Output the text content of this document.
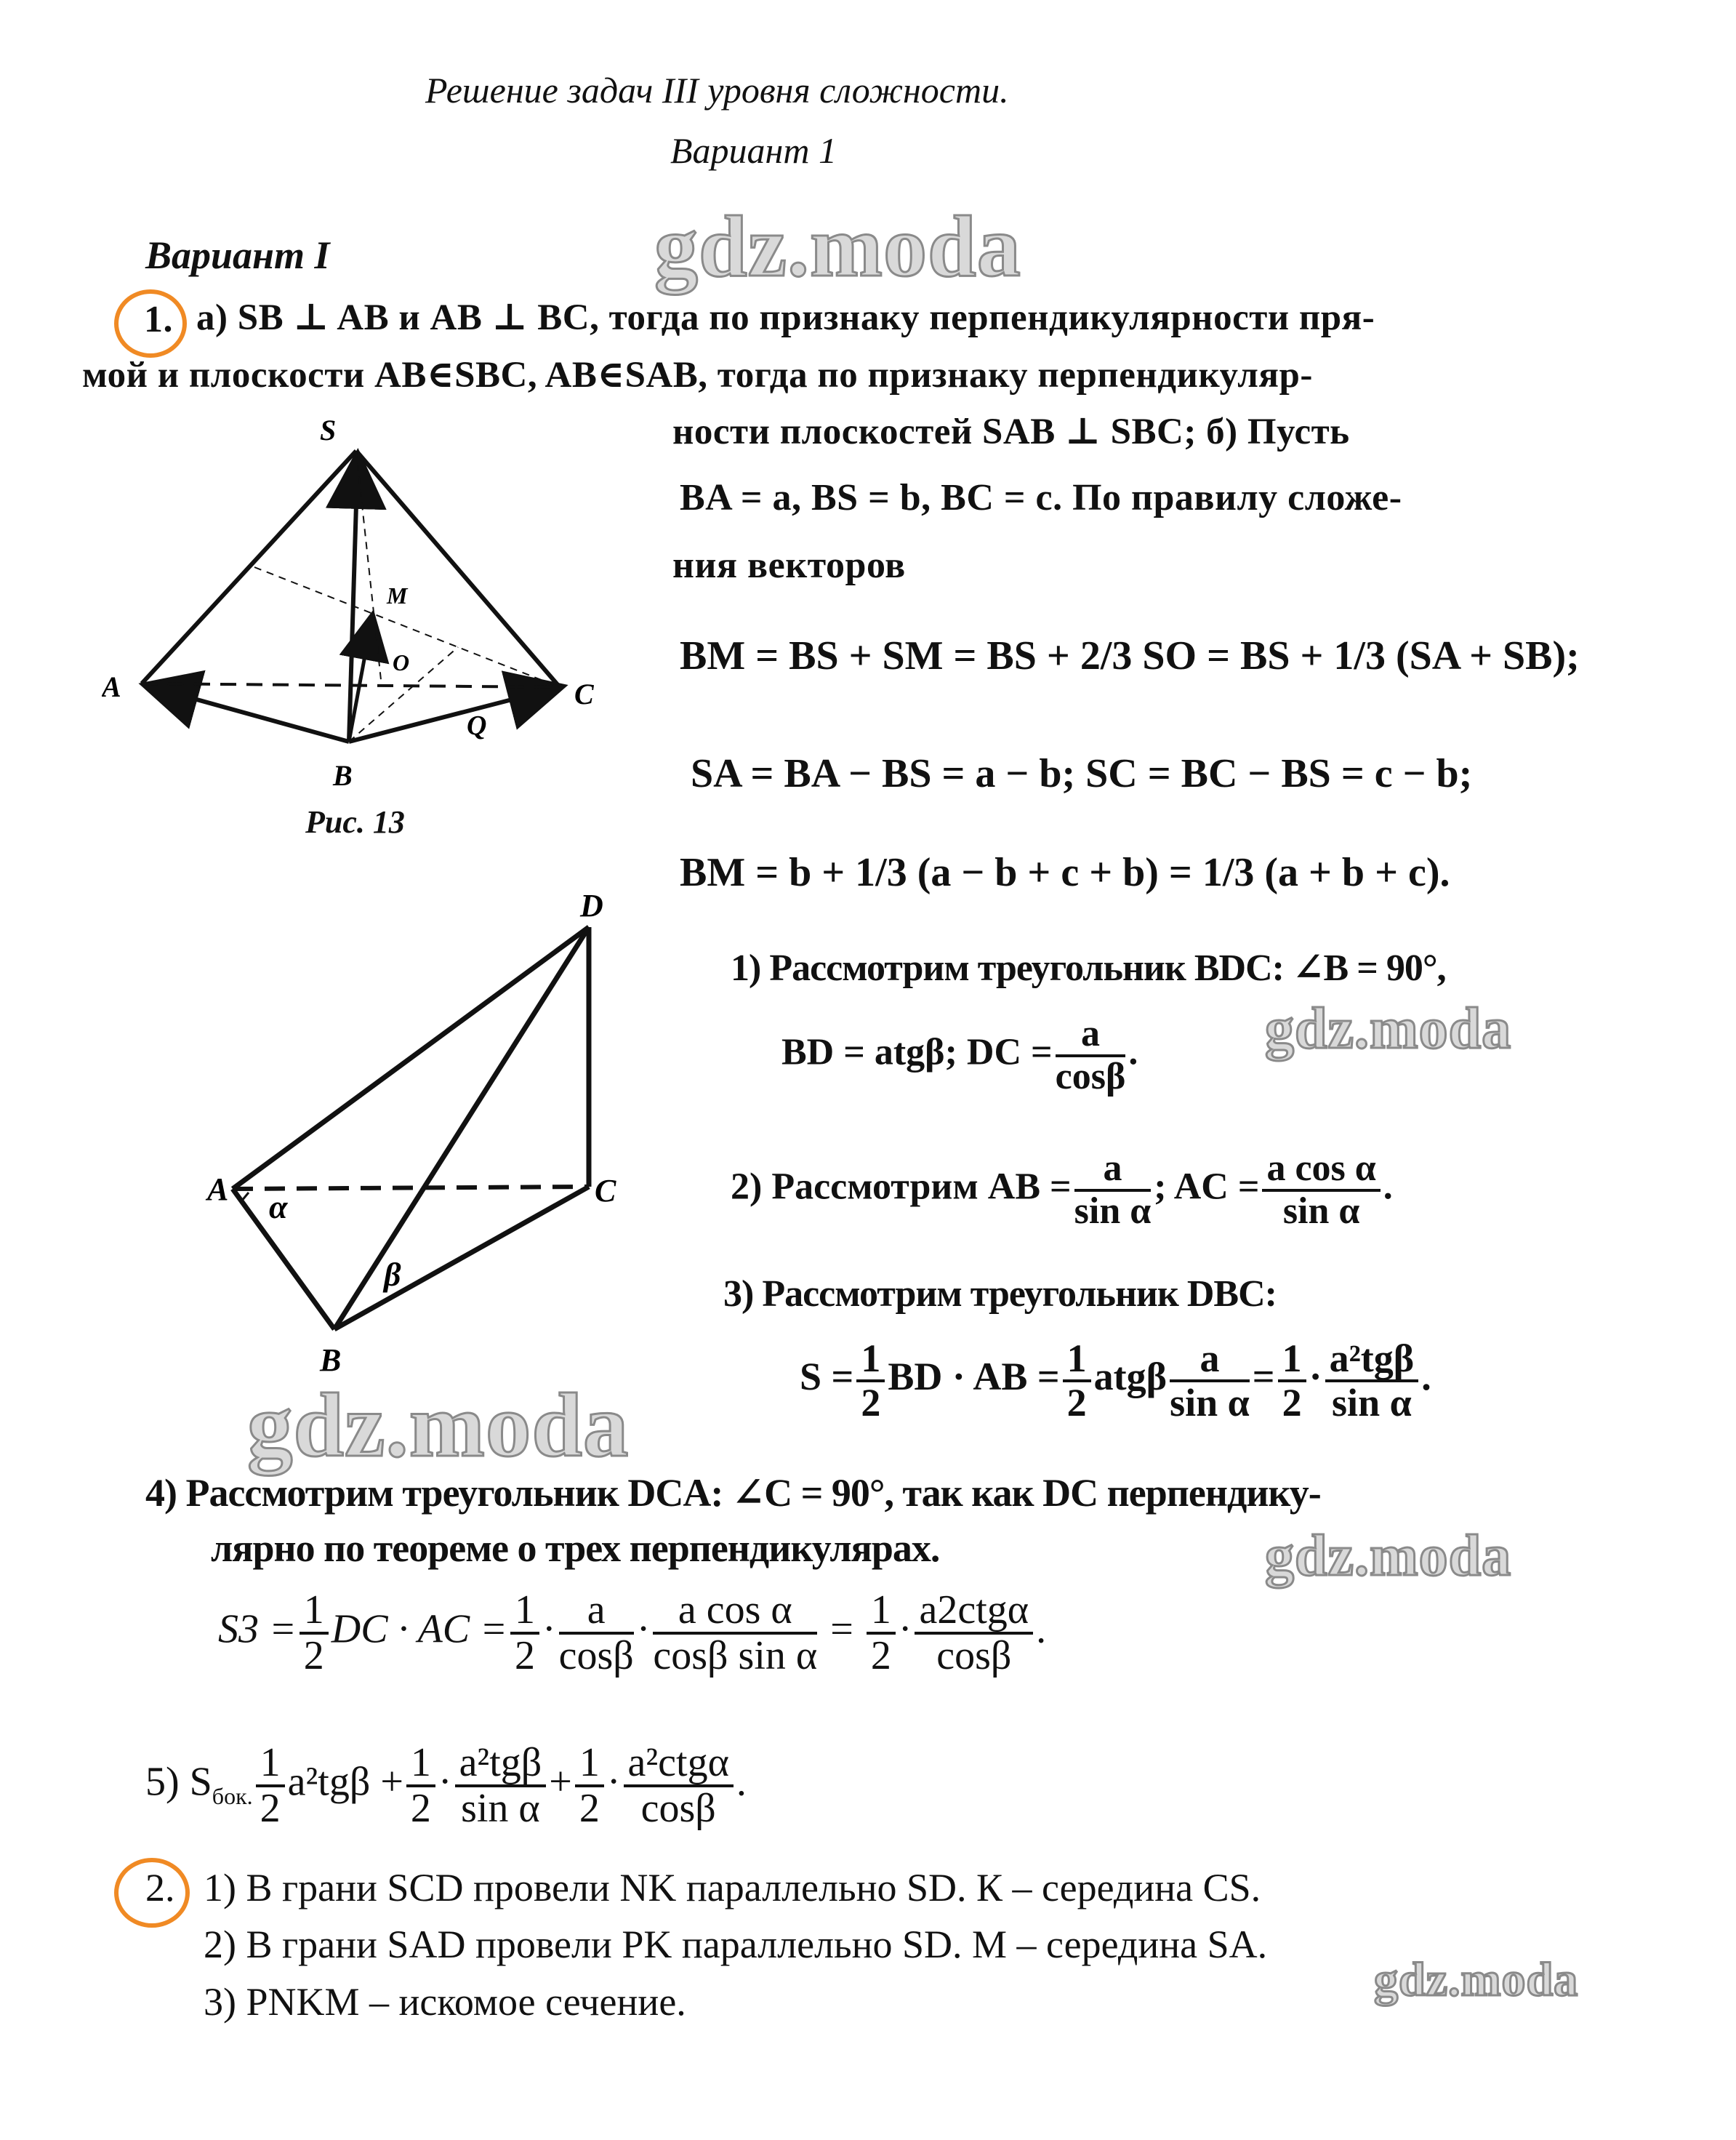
Решение задач III уровня сложности.
Вариант 1
Вариант I	gdz.moda
gdz.moda
gdz.moda
gdz.moda
gdz.moda
1. а) SB ⊥ AB и AB ⊥ BC, тогда по признаку перпендикулярности пря-
мой и плоскости AB∈SBC, AB∈SAB, тогда по признаку перпендикуляр-
ности плоскостей SAB ⊥ SBC; б) Пусть
BA = a, BS = b, BC = c. По правилу сложе-
ния векторов
BM = BS + SM = BS + 2/3 SO = BS + 1/3 (SA + SB);
SA = BA − BS = a − b; SC = BC − BS = c − b;
BM = b + 1/3 (a − b + c + b) = 1/3 (a + b + c).
S
A
B
C
M
O
Q
Рис. 13
D
A
B
C
α
β
1) Рассмотрим треугольник BDC: ∠B = 90°,
BD = atgβ; DC = $\frac{a}{\cos\beta}$ .
2) Рассмотрим AB = $\frac{a}{\text{sin α}}$ ; AC = $\frac{\text{a cos α}}{\text{sin α}}$ .
3) Рассмотрим треугольник DBC:
$S = \frac{1}{2}$ BD · AB = $\frac{1}{2}$ atgβ $\frac{a}{\text{sin α}} = \frac{1}{2} \cdot \frac{\text{a²tgβ}}{\text{sin α}}$ .
4) Рассмотрим треугольник DCA: ∠C = 90°, так как DC перпендику-
лярно по теореме о трех перпендикулярах.
$S3 = \frac{1}{2}$ DC · AC = $\frac{1}{2} \cdot \frac{a}{\cos\beta} \cdot \frac{\text{a cos α}}{\text{cosβ sin α}} = \frac{1}{2} \cdot \frac{\text{a2ctgα}}{\cos\beta}$ .
5) $S_{бок.} \frac{1}{2} a^2tg\beta + \frac{1}{2} \cdot \frac{\text{a²tgβ}}{\text{sin α}} + \frac{1}{2} \cdot \frac{\text{a²ctgα}}{\cos\beta}$ .
2. 1) В грани SCD провели NK параллельно SD. К – середина CS.
2) В грани SAD провели PK параллельно SD. М – середина SA.
3) PNKM – искомое сечение.
